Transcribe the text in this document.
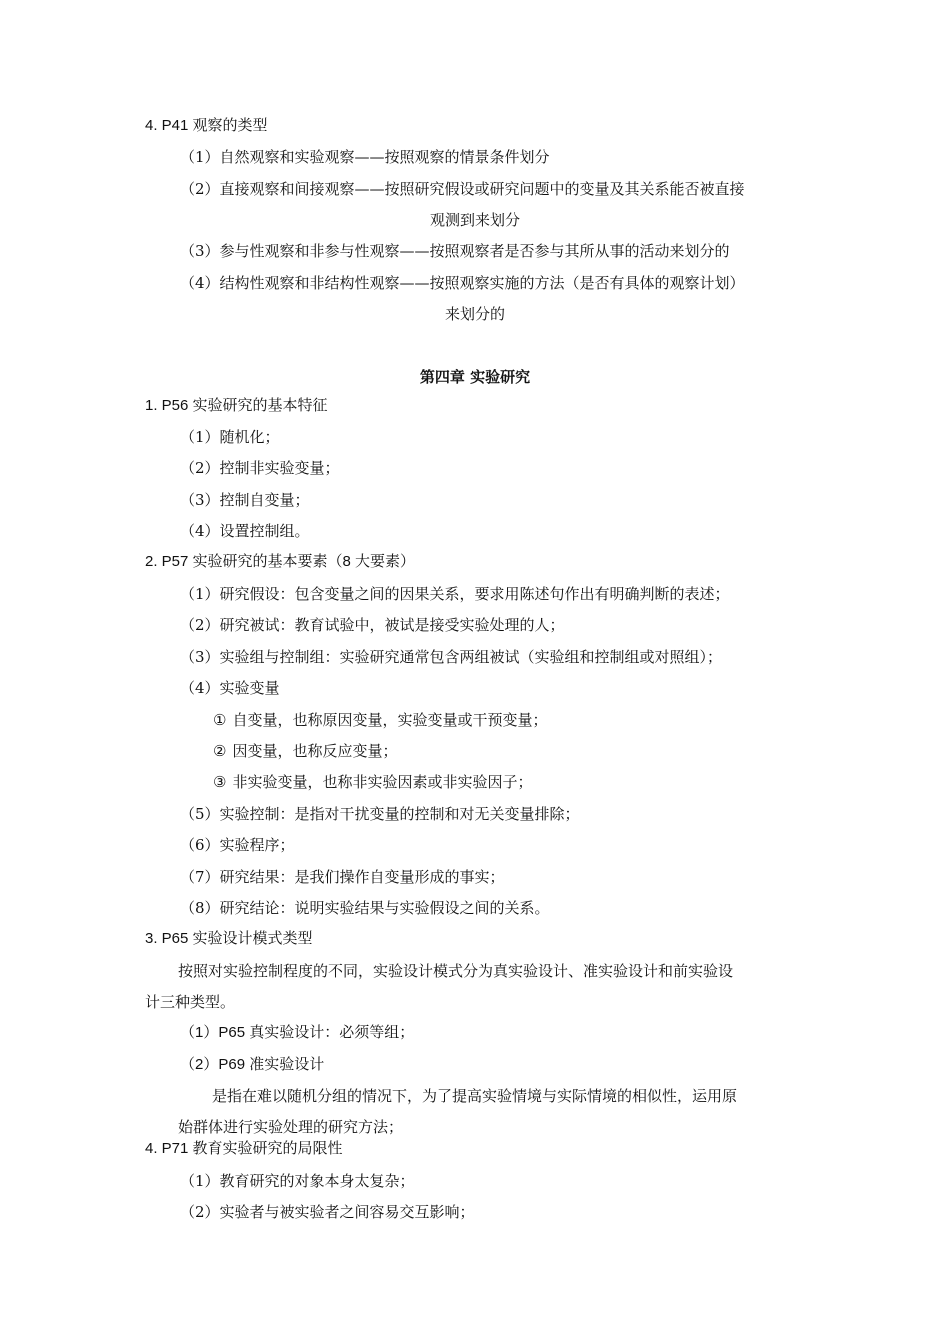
4. P41 观察的类型
（1）自然观察和实验观察——按照观察的情景条件划分
（2）直接观察和间接观察——按照研究假设或研究问题中的变量及其关系能否被直接
观测到来划分
（3）参与性观察和非参与性观察——按照观察者是否参与其所从事的活动来划分的
（4）结构性观察和非结构性观察——按照观察实施的方法（是否有具体的观察计划）
来划分的
第四章 实验研究
1. P56 实验研究的基本特征
（1）随机化；
（2）控制非实验变量；
（3）控制自变量；
（4）设置控制组。
2. P57 实验研究的基本要素（8 大要素）
（1）研究假设：包含变量之间的因果关系，要求用陈述句作出有明确判断的表述；
（2）研究被试：教育试验中，被试是接受实验处理的人；
（3）实验组与控制组：实验研究通常包含两组被试（实验组和控制组或对照组）；
（4）实验变量
① 自变量，也称原因变量，实验变量或干预变量；
② 因变量，也称反应变量；
③ 非实验变量，也称非实验因素或非实验因子；
（5）实验控制：是指对干扰变量的控制和对无关变量排除；
（6）实验程序；
（7）研究结果：是我们操作自变量形成的事实；
（8）研究结论：说明实验结果与实验假设之间的关系。
3. P65 实验设计模式类型
按照对实验控制程度的不同，实验设计模式分为真实验设计、准实验设计和前实验设
计三种类型。
（1）P65 真实验设计：必须等组；
（2）P69 准实验设计
是指在难以随机分组的情况下，为了提高实验情境与实际情境的相似性，运用原
始群体进行实验处理的研究方法；
4. P71 教育实验研究的局限性
（1）教育研究的对象本身太复杂；
（2）实验者与被实验者之间容易交互影响；
